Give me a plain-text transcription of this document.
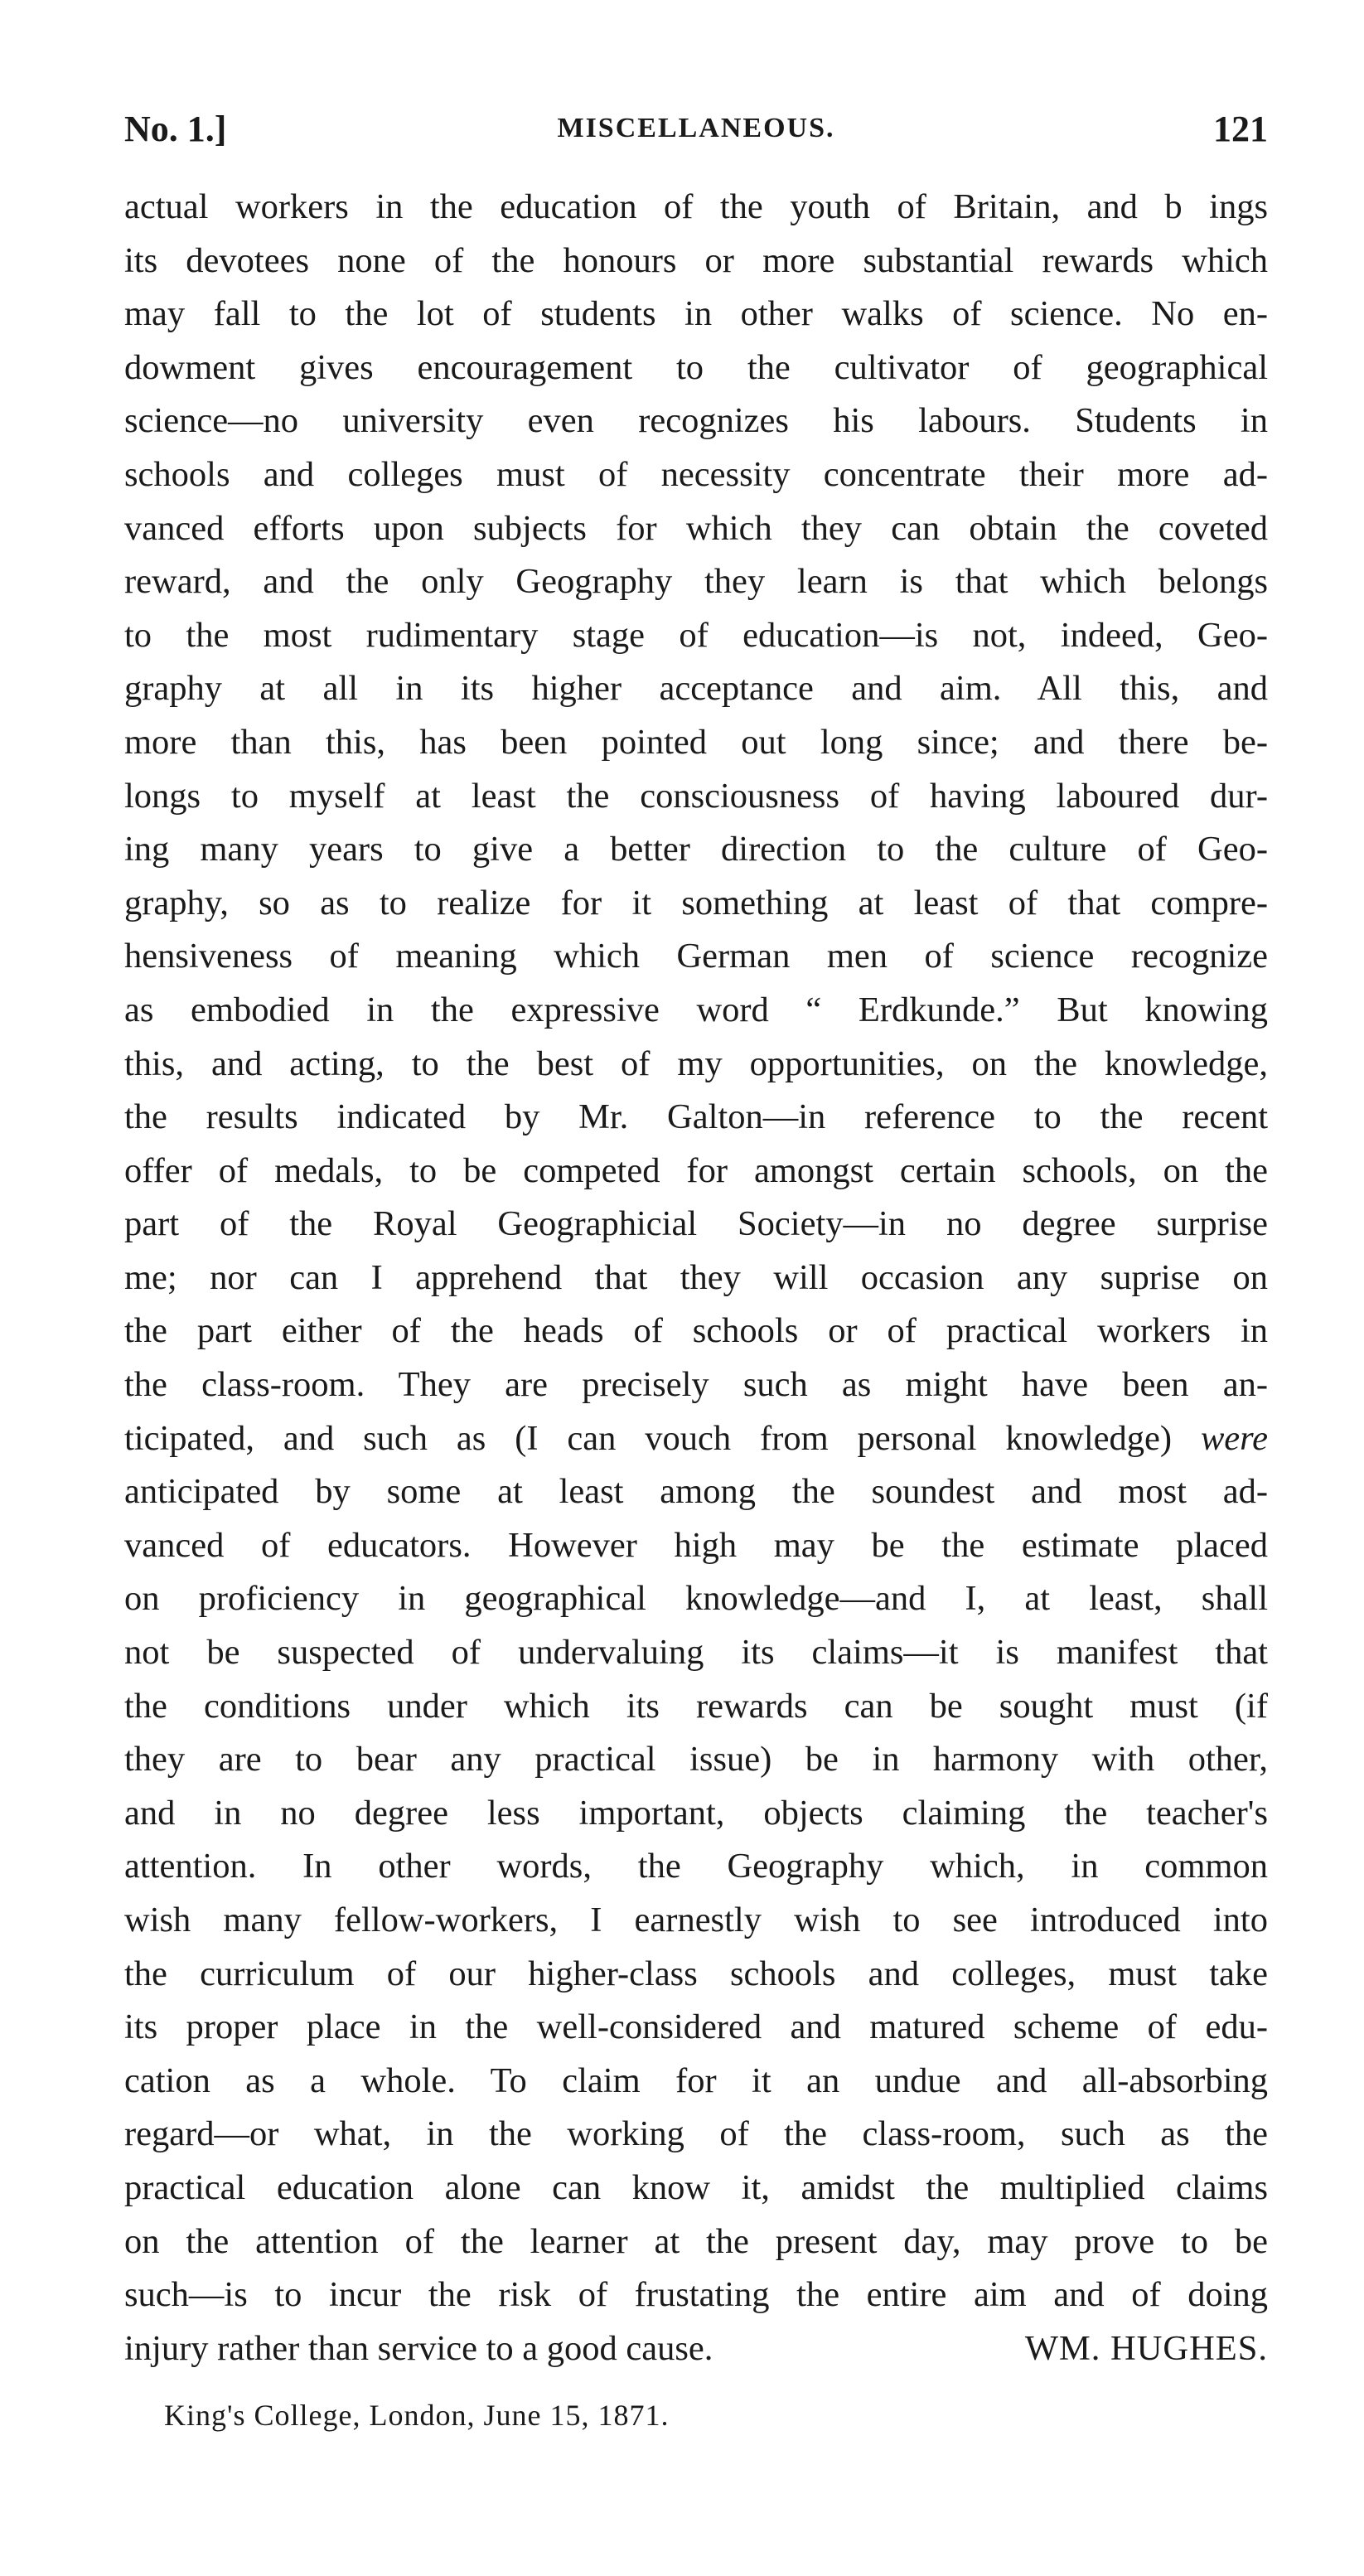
No. 1.]	MISCELLANEOUS.	121
actual workers in the education of the youth of Britain, and b ings
its devotees none of the honours or more substantial rewards which
may fall to the lot of students in other walks of science. No en-
dowment gives encouragement to the cultivator of geographical
science—no university even recognizes his labours. Students in
schools and colleges must of necessity concentrate their more ad-
vanced efforts upon subjects for which they can obtain the coveted
reward, and the only Geography they learn is that which belongs
to the most rudimentary stage of education—is not, indeed, Geo-
graphy at all in its higher acceptance and aim. All this, and
more than this, has been pointed out long since; and there be-
longs to myself at least the consciousness of having laboured dur-
ing many years to give a better direction to the culture of Geo-
graphy, so as to realize for it something at least of that compre-
hensiveness of meaning which German men of science recognize
as embodied in the expressive word “ Erdkunde.” But knowing
this, and acting, to the best of my opportunities, on the knowledge,
the results indicated by Mr. Galton—in reference to the recent
offer of medals, to be competed for amongst certain schools, on the
part of the Royal Geographicial Society—in no degree surprise
me; nor can I apprehend that they will occasion any suprise on
the part either of the heads of schools or of practical workers in
the class-room. They are precisely such as might have been an-
ticipated, and such as (I can vouch from personal knowledge) were
anticipated by some at least among the soundest and most ad-
vanced of educators. However high may be the estimate placed
on proficiency in geographical knowledge—and I, at least, shall
not be suspected of undervaluing its claims—it is manifest that
the conditions under which its rewards can be sought must (if
they are to bear any practical issue) be in harmony with other,
and in no degree less important, objects claiming the teacher's
attention. In other words, the Geography which, in common
wish many fellow-workers, I earnestly wish to see introduced into
the curriculum of our higher-class schools and colleges, must take
its proper place in the well-considered and matured scheme of edu-
cation as a whole. To claim for it an undue and all-absorbing
regard—or what, in the working of the class-room, such as the
practical education alone can know it, amidst the multiplied claims
on the attention of the learner at the present day, may prove to be
such—is to incur the risk of frustating the entire aim and of doing
injury rather than service to a good cause.	WM. HUGHES.
King's College, London, June 15, 1871.
